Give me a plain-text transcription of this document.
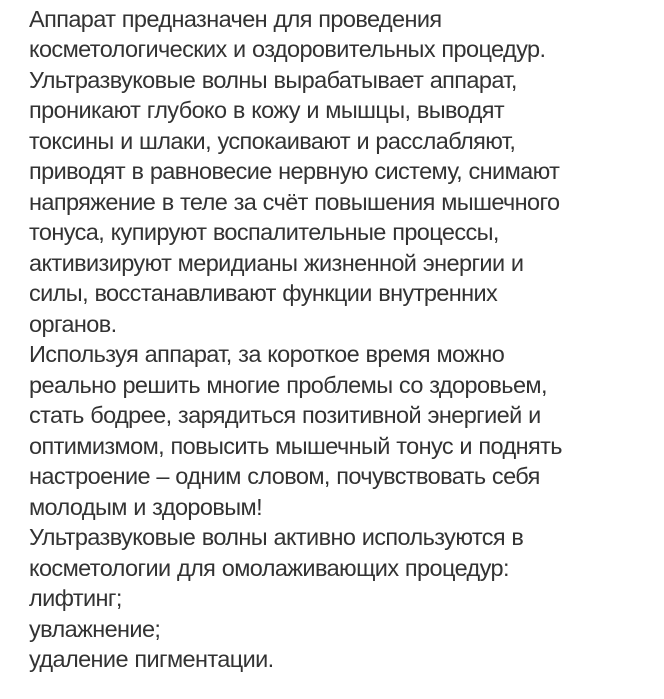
Аппарат предназначен для проведения
косметологических и оздоровительных процедур.
Ультразвуковые волны вырабатывает аппарат,
проникают глубоко в кожу и мышцы, выводят
токсины и шлаки, успокаивают и расслабляют,
приводят в равновесие нервную систему, снимают
напряжение в теле за счёт повышения мышечного
тонуса, купируют воспалительные процессы,
активизируют меридианы жизненной энергии и
силы, восстанавливают функции внутренних
органов.
Используя аппарат, за короткое время можно
реально решить многие проблемы со здоровьем,
стать бодрее, зарядиться позитивной энергией и
оптимизмом, повысить мышечный тонус и поднять
настроение – одним словом, почувствовать себя
молодым и здоровым!
Ультразвуковые волны активно используются в
косметологии для омолаживающих процедур:
лифтинг;
увлажнение;
удаление пигментации.
